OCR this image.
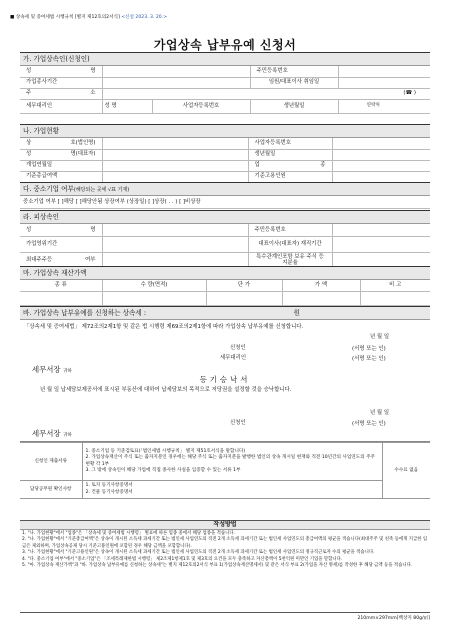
■ 상속세 및 증여세법 시행규칙 [별지 제12호의2서식] <신설 2023. 3. 20.>
가업상속 납부유예 신청서
가. 가업상속인(신청인)
성 명			주민등록번호	
가업종사기간			임원/대표이사 취임일	
주 소	(☎ )			
세무대리인	성 명	사업자등록번호	생년월일	연락처
나. 가업현황
상 호(법인명)		사업자등록번호	
성 명(대표자)		생년월일	
개업연월일		업 종	
기준총급여액		기준고용인원	
다. 중소기업 여부(해당되는 곳에 √표 기재)
중소기업 여부 [ ]해당 [ ]해당안됨 상장여부 (상장일) [ ]상장( . . ) [ ]비상장
라. 피상속인
성 명		주민등록번호	
가업영위기간		대표이사(대표자) 재직기간	
최대주주등 여부		특수관계인포함 보유 주식 등 지분율	
마. 가업상속 재산가액
종 류	수 량(면적)	단 가	가 액	비 고

바. 가업상속 납부유예를 신청하는 상속세 :	원
「상속세 및 증여세법」 제72조의2제1항 및 같은 법 시행령 제69조의2제1항에 따라 가업상속 납부유예를 신청합니다.
년 월 일
신청인	(서명 또는 인)
세무대리인	(서명 또는 인)
세무서장 귀하
등기승낙서
년 월 일 납세담보제공서에 표시된 부동산에 대하여 납세담보의 목적으로 저당권을 설정할 것을 승낙합니다.
년 월 일
신청인	(서명 또는 인)
세무서장 귀하
신청인 제출서류	1. 중소기업 등 기준검토표(「법인세법 시행규칙」 별지 제51호서식을 말합니다)
2. 가업상속재산이 주식 또는 출자지분인 경우에는 해당 주식 또는 출자지분을 발행한 법인의 상속 개시일 현재와 직전 10년간의 사업연도의 주주현황 각 1부
3. 그 밖에 상속인이 해당 가업에 직접 종사한 사실을 입증할 수 있는 서류 1부	수수료 없음
담당공무원 확인사항	1. 토지 등기사항증명서
2. 건물 등기사항증명서	
작성방법
1. "나. 가업현황"에서 "업종"은 「상속세 및 증여세법 시행령」 별표에 따른 업종 중에서 해당 업종을 적습니다.
2. "나. 가업현황"에서 "기준총급여액"은 상속이 개시된 소득세 과세기간 또는 법인세 사업연도의 직전 2개 소득세 과세기간 또는 법인세 사업연도의 총급여액의 평균을 적습니다(최대주주 및 친족 등에게 지급한 임금은 제외하며, 가업상속공제 당시 기준고용인원에 포함된 경우 해당 금액을 포함합니다).
3. "나. 가업현황"에서 "기준고용인원"은 상속이 개시된 소득세 과세기간 또는 법인세 사업연도의 직전 2개 소득세 과세기간 또는 법인세 사업연도의 정규직근로자 수의 평균을 적습니다.
4. "다. 중소기업 여부"에서 "중소기업"은 「조세특례제한법 시행령」 제2조제1항제1호 및 제3호의 요건을 모두 충족하고 자산총액이 5천억원 미만인 기업을 말합니다.
5. "마. 가업상속 재산가액"과 "바. 가업상속 납부유예를 신청하는 상속세"는 별지 제12호의2서식 부표 1(가업상속재산명세서) 및 같은 서식 부표 2(가업을 자산 명세)를 작성한 후 해당 금액 등을 적습니다.
210mm×297mm[백상지 80g/㎡]
